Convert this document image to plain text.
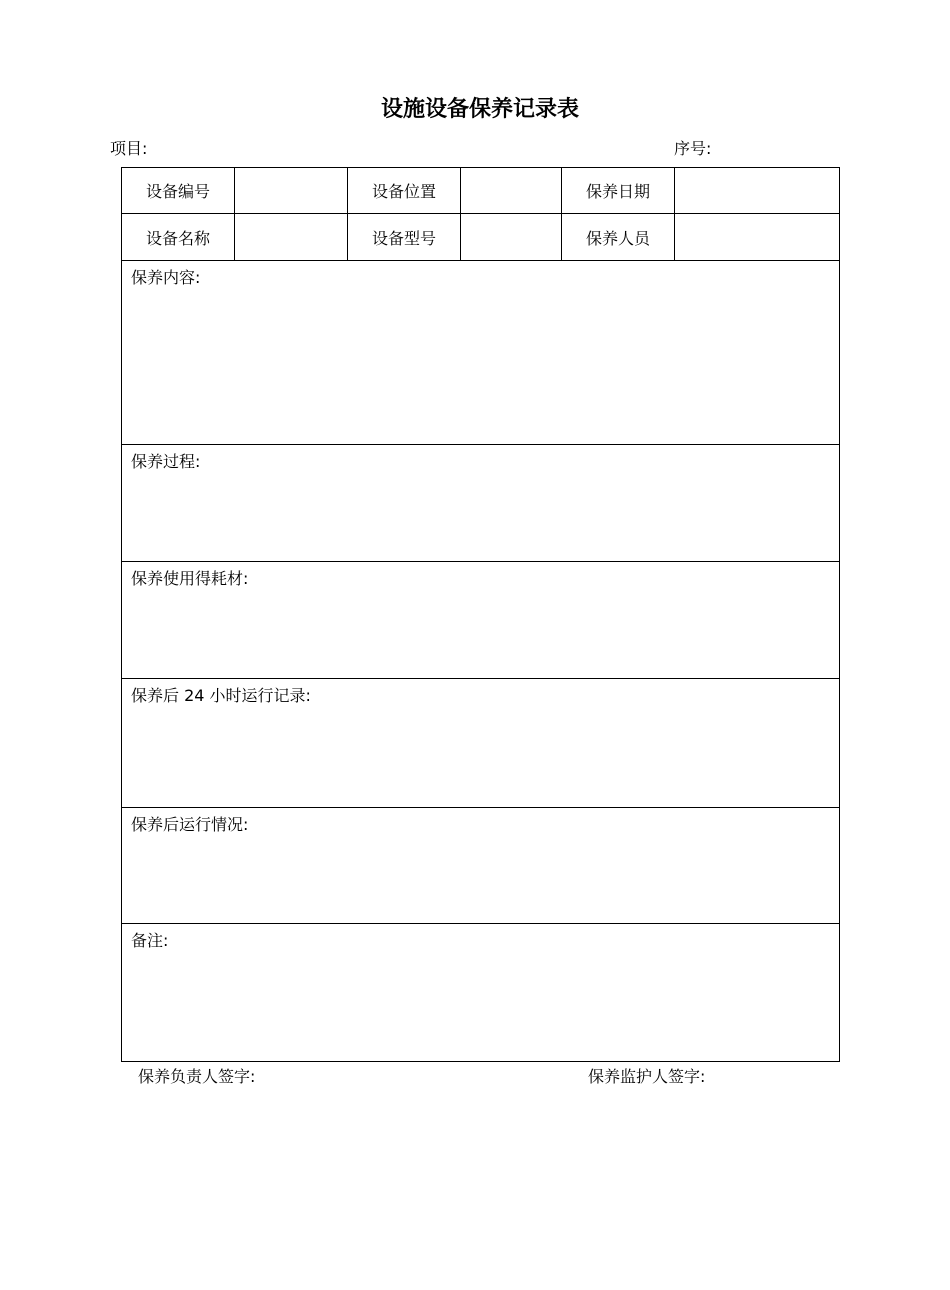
设施设备保养记录表
项目:	序号:
设备编号		设备位置		保养日期	
设备名称		设备型号		保养人员	
保养内容:					
保养过程:					
保养使用得耗材:					
保养后 24 小时运行记录:					
保养后运行情况:					
备注:					
保养负责人签字:	保养监护人签字:
